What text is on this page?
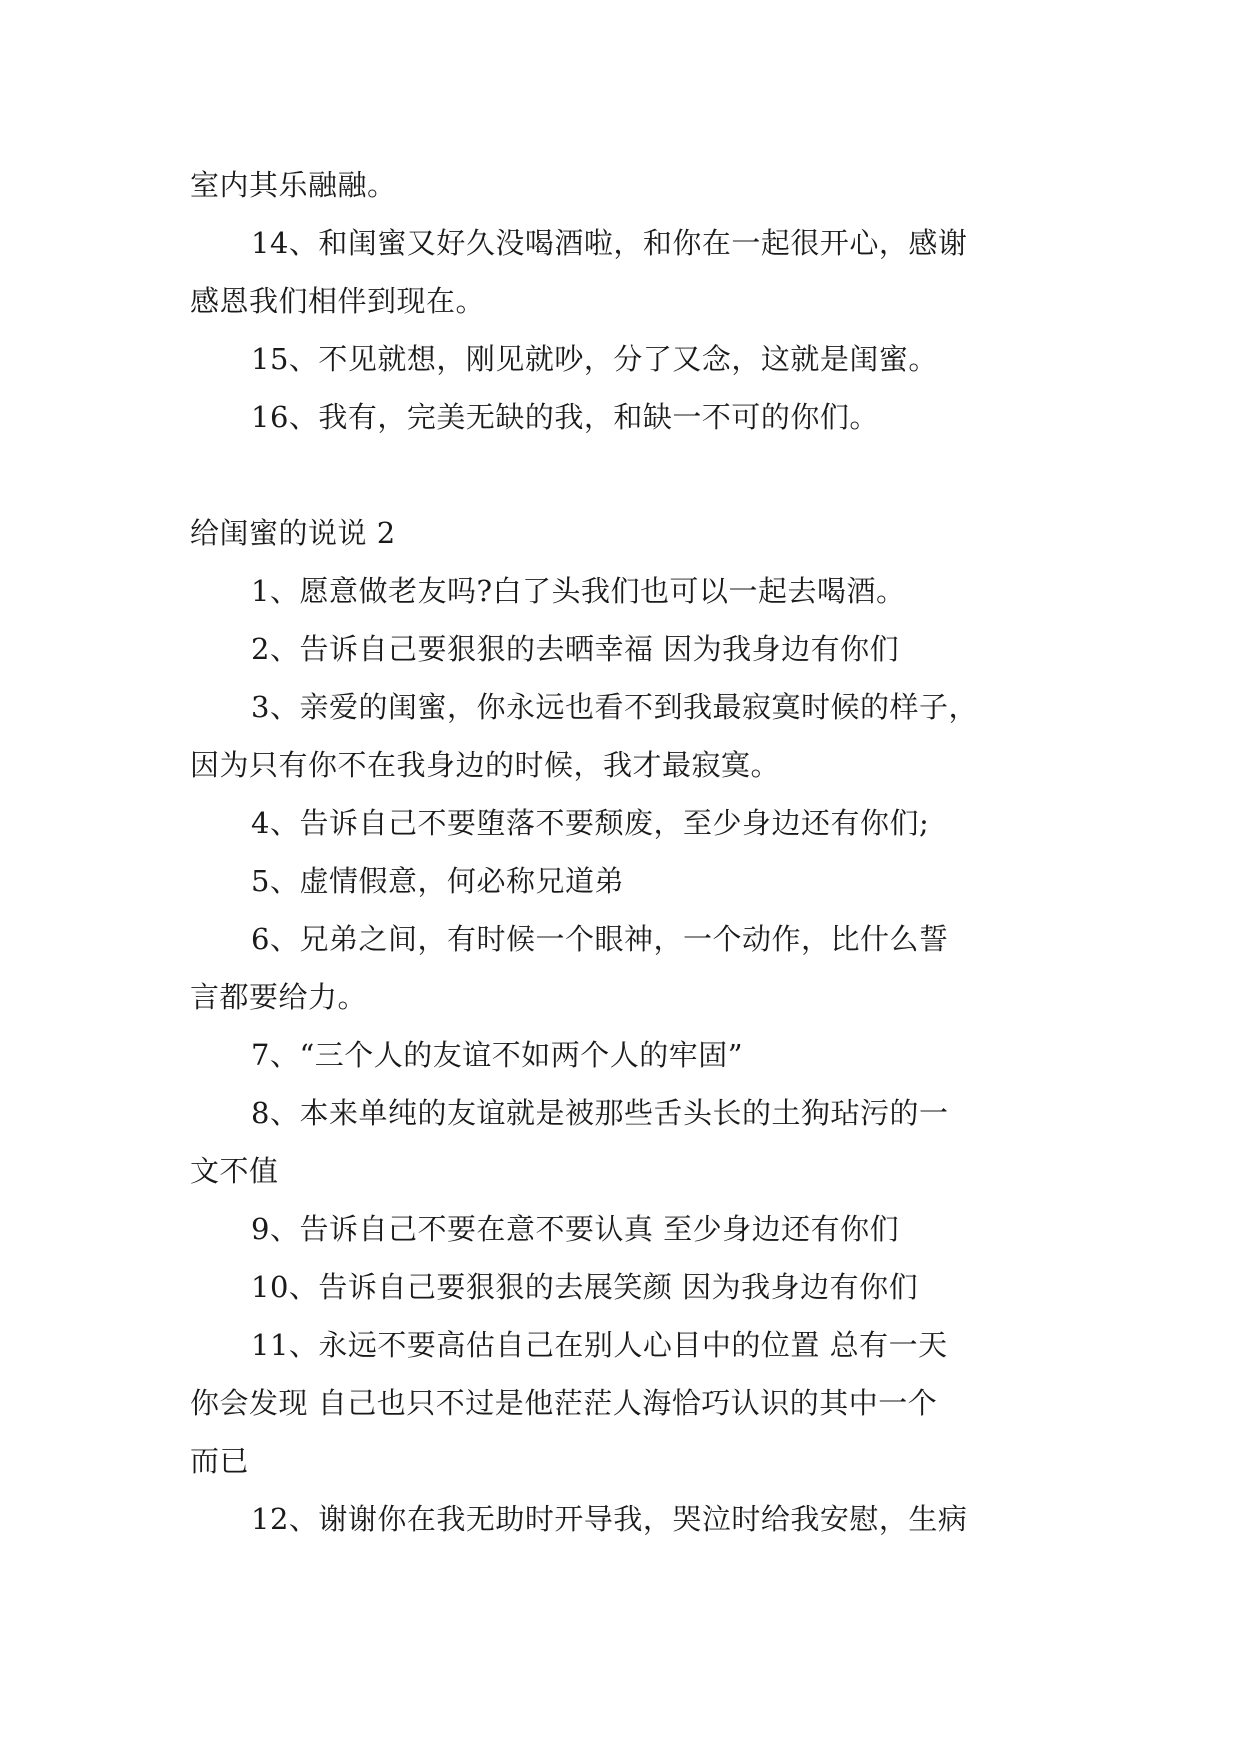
室内其乐融融。
14、和闺蜜又好久没喝酒啦，和你在一起很开心，感谢
感恩我们相伴到现在。
15、不见就想，刚见就吵，分了又念，这就是闺蜜。
16、我有，完美无缺的我，和缺一不可的你们。
给闺蜜的说说 2
1、愿意做老友吗?白了头我们也可以一起去喝酒。
2、告诉自己要狠狠的去晒幸福 因为我身边有你们
3、亲爱的闺蜜，你永远也看不到我最寂寞时候的样子，
因为只有你不在我身边的时候，我才最寂寞。
4、告诉自己不要堕落不要颓废，至少身边还有你们;
5、虚情假意，何必称兄道弟
6、兄弟之间，有时候一个眼神，一个动作，比什么誓
言都要给力。
7、“三个人的友谊不如两个人的牢固”
8、本来单纯的友谊就是被那些舌头长的土狗玷污的一
文不值
9、告诉自己不要在意不要认真 至少身边还有你们
10、告诉自己要狠狠的去展笑颜 因为我身边有你们
11、永远不要高估自己在别人心目中的位置 总有一天
你会发现 自己也只不过是他茫茫人海恰巧认识的其中一个
而已
12、谢谢你在我无助时开导我，哭泣时给我安慰，生病
